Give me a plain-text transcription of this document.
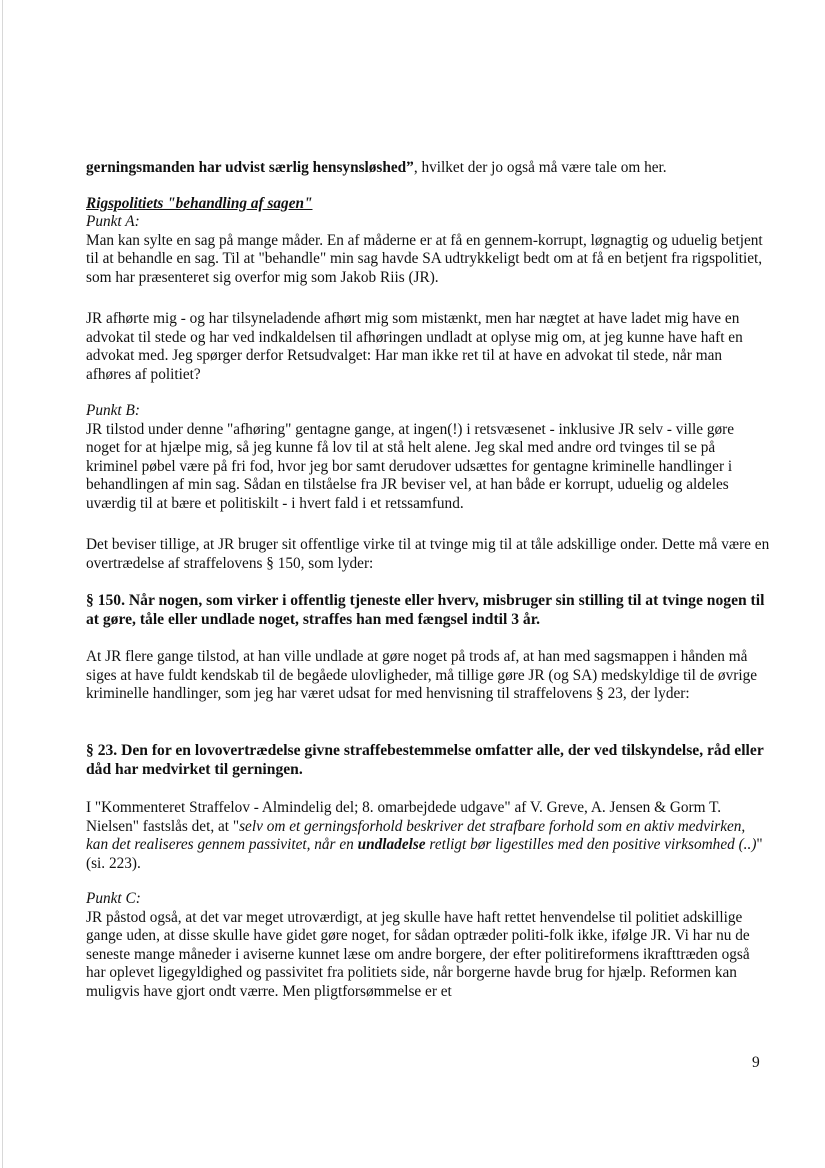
gerningsmanden har udvist særlig hensynsløshed”, hvilket der jo også må være tale om her.

Rigspolitiets "behandling af sagen"

Punkt A:

Man kan sylte en sag på mange måder. En af måderne er at få en gennem-korrupt, løgnagtig og uduelig betjent til at behandle en sag. Til at "behandle" min sag havde SA udtrykkeligt bedt om at få en betjent fra rigspolitiet, som har præsenteret sig overfor mig som Jakob Riis (JR).

JR afhørte mig - og har tilsyneladende afhørt mig som mistænkt, men har nægtet at have ladet mig have en advokat til stede og har ved indkaldelsen til afhøringen undladt at oplyse mig om, at jeg kunne have haft en advokat med. Jeg spørger derfor Retsudvalget: Har man ikke ret til at have en advokat til stede, når man afhøres af politiet?

Punkt B:

JR tilstod under denne "afhøring" gentagne gange, at ingen(!) i retsvæsenet - inklusive JR selv - ville gøre noget for at hjælpe mig, så jeg kunne få lov til at stå helt alene. Jeg skal med andre ord tvinges til se på kriminel pøbel være på fri fod, hvor jeg bor samt derudover udsættes for gentagne kriminelle handlinger i behandlingen af min sag. Sådan en tilståelse fra JR beviser vel, at han både er korrupt, uduelig og aldeles uværdig til at bære et politiskilt - i hvert fald i et retssamfund.

Det beviser tillige, at JR bruger sit offentlige virke til at tvinge mig til at tåle adskillige onder. Dette må være en overtrædelse af straffelovens § 150, som lyder:

§ 150. Når nogen, som virker i offentlig tjeneste eller hverv, misbruger sin stilling til at tvinge nogen til at gøre, tåle eller undlade noget, straffes han med fængsel indtil 3 år.

At JR flere gange tilstod, at han ville undlade at gøre noget på trods af, at han med sagsmappen i hånden må siges at have fuldt kendskab til de begåede ulovligheder, må tillige gøre JR (og SA) medskyldige til de øvrige kriminelle handlinger, som jeg har været udsat for med henvisning til straffelovens § 23, der lyder:

§ 23. Den for en lovovertrædelse givne straffebestemmelse omfatter alle, der ved tilskyndelse, råd eller dåd har medvirket til gerningen.

I "Kommenteret Straffelov - Almindelig del; 8. omarbejdede udgave" af V. Greve, A. Jensen & Gorm T. Nielsen" fastslås det, at "selv om et gerningsforhold beskriver det strafbare forhold som en aktiv medvirken, kan det realiseres gennem passivitet, når en undladelse retligt bør ligestilles med den positive virksomhed (..)" (si. 223).

Punkt C:

JR påstod også, at det var meget utroværdigt, at jeg skulle have haft rettet henvendelse til politiet adskillige gange uden, at disse skulle have gidet gøre noget, for sådan optræder politi-folk ikke, ifølge JR. Vi har nu de seneste mange måneder i aviserne kunnet læse om andre borgere, der efter politireformens ikrafttræden også har oplevet ligegyldighed og passivitet fra politiets side, når borgerne havde brug for hjælp. Reformen kan muligvis have gjort ondt værre. Men pligtforsømmelse er et

9
